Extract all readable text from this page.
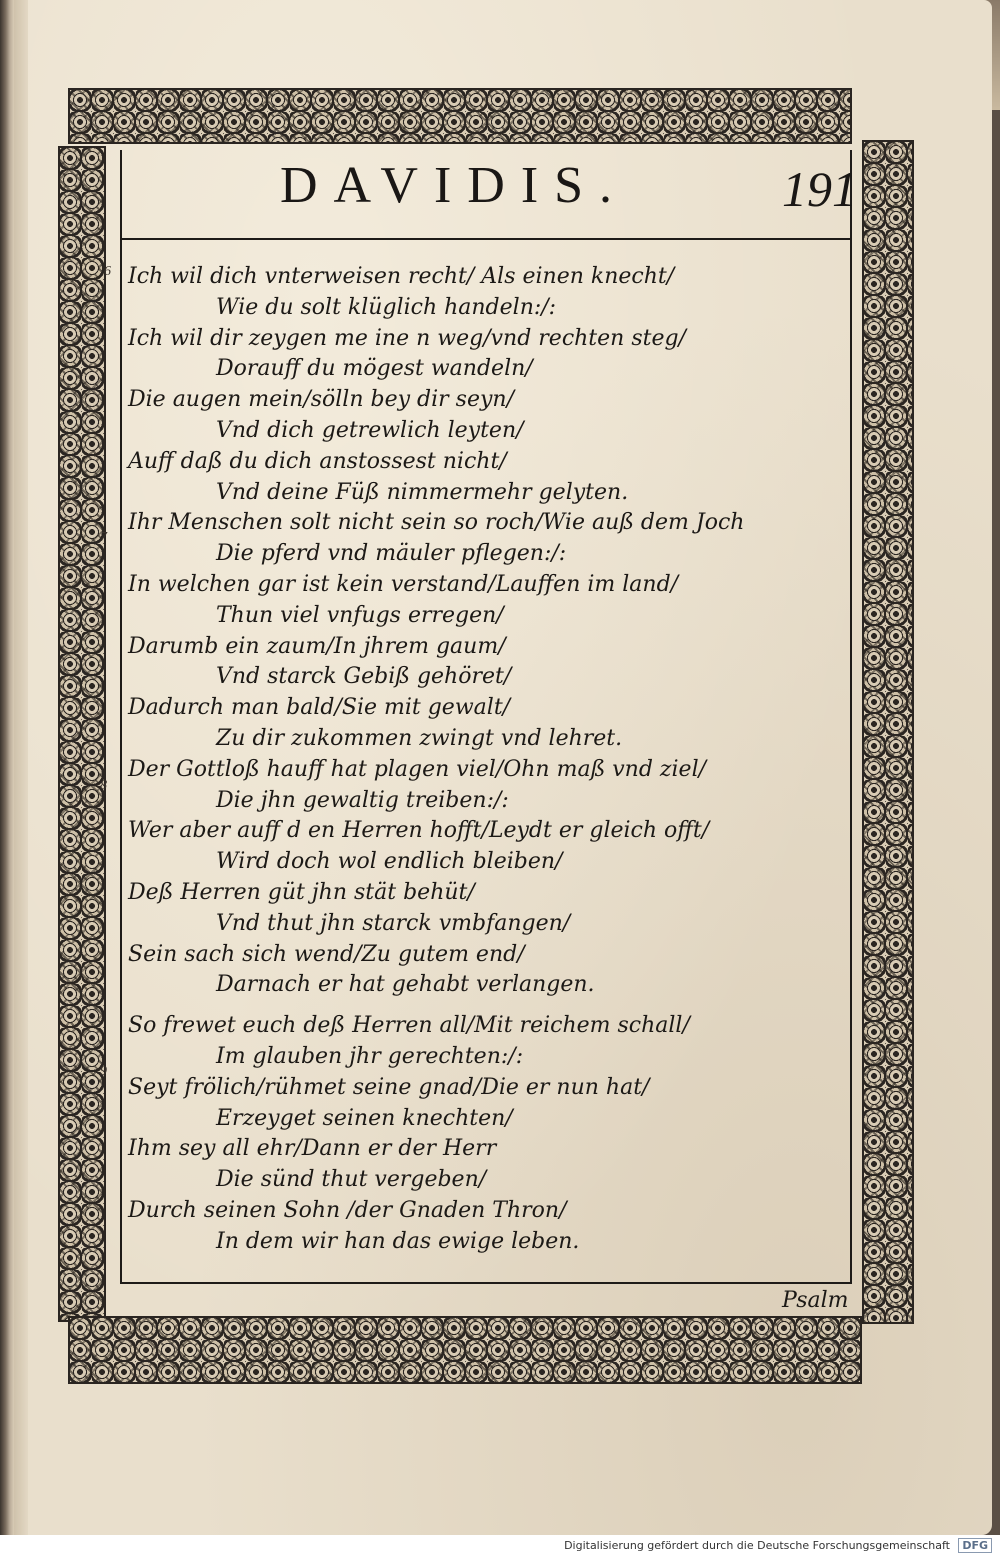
DAVIDIS.	191
6
7
8
9
Ich wil dich vnterweisen recht/ Als einen knecht/
Wie du solt klüglich handeln:/:
Ich wil dir zeygen me ine n weg/vnd rechten steg/
Dorauff du mögest wandeln/
Die augen mein/sölln bey dir seyn/
Vnd dich getrewlich leyten/
Auff daß du dich anstossest nicht/
Vnd deine Füß nimmermehr gelyten.
Ihr Menschen solt nicht sein so roch/Wie auß dem Joch
Die pferd vnd mäuler pflegen:/:
In welchen gar ist kein verstand/Lauffen im land/
Thun viel vnfugs erregen/
Darumb ein zaum/In jhrem gaum/
Vnd starck Gebiß gehöret/
Dadurch man bald/Sie mit gewalt/
Zu dir zukommen zwingt vnd lehret.
Der Gottloß hauff hat plagen viel/Ohn maß vnd ziel/
Die jhn gewaltig treiben:/:
Wer aber auff d en Herren hofft/Leydt er gleich offt/
Wird doch wol endlich bleiben/
Deß Herren güt jhn stät behüt/
Vnd thut jhn starck vmbfangen/
Sein sach sich wend/Zu gutem end/
Darnach er hat gehabt verlangen.
So frewet euch deß Herren all/Mit reichem schall/
Im glauben jhr gerechten:/:
Seyt frölich/rühmet seine gnad/Die er nun hat/
Erzeyget seinen knechten/
Ihm sey all ehr/Dann er der Herr
Die sünd thut vergeben/
Durch seinen Sohn /der Gnaden Thron/
In dem wir han das ewige leben.
Psalm
Digitalisierung gefördert durch die Deutsche Forschungsgemeinschaft	DFG
